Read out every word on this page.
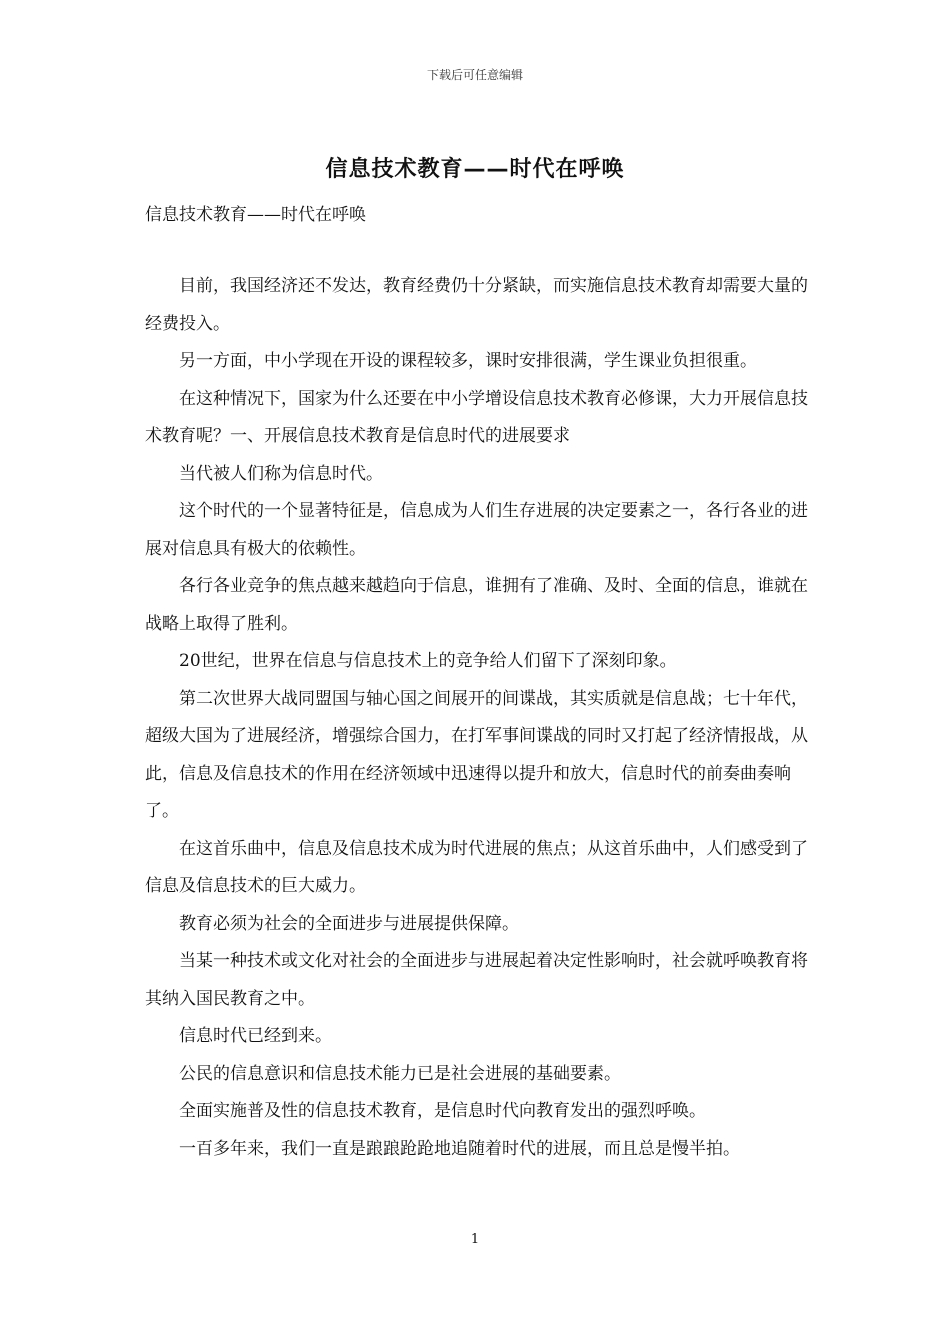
下载后可任意编辑
信息技术教育——时代在呼唤
信息技术教育——时代在呼唤

目前，我国经济还不发达，教育经费仍十分紧缺，而实施信息技术教育却需要大量的经费投入。

另一方面，中小学现在开设的课程较多，课时安排很满，学生课业负担很重。

在这种情况下，国家为什么还要在中小学增设信息技术教育必修课，大力开展信息技术教育呢？一、开展信息技术教育是信息时代的进展要求

当代被人们称为信息时代。

这个时代的一个显著特征是，信息成为人们生存进展的决定要素之一，各行各业的进展对信息具有极大的依赖性。

各行各业竞争的焦点越来越趋向于信息，谁拥有了准确、及时、全面的信息，谁就在战略上取得了胜利。

20世纪，世界在信息与信息技术上的竞争给人们留下了深刻印象。

第二次世界大战同盟国与轴心国之间展开的间谍战，其实质就是信息战；七十年代，超级大国为了进展经济，增强综合国力，在打军事间谍战的同时又打起了经济情报战，从此，信息及信息技术的作用在经济领域中迅速得以提升和放大，信息时代的前奏曲奏响了。

在这首乐曲中，信息及信息技术成为时代进展的焦点；从这首乐曲中，人们感受到了信息及信息技术的巨大威力。

教育必须为社会的全面进步与进展提供保障。

当某一种技术或文化对社会的全面进步与进展起着决定性影响时，社会就呼唤教育将其纳入国民教育之中。

信息时代已经到来。

公民的信息意识和信息技术能力已是社会进展的基础要素。

全面实施普及性的信息技术教育，是信息时代向教育发出的强烈呼唤。

一百多年来，我们一直是踉踉跄跄地追随着时代的进展，而且总是慢半拍。

1
